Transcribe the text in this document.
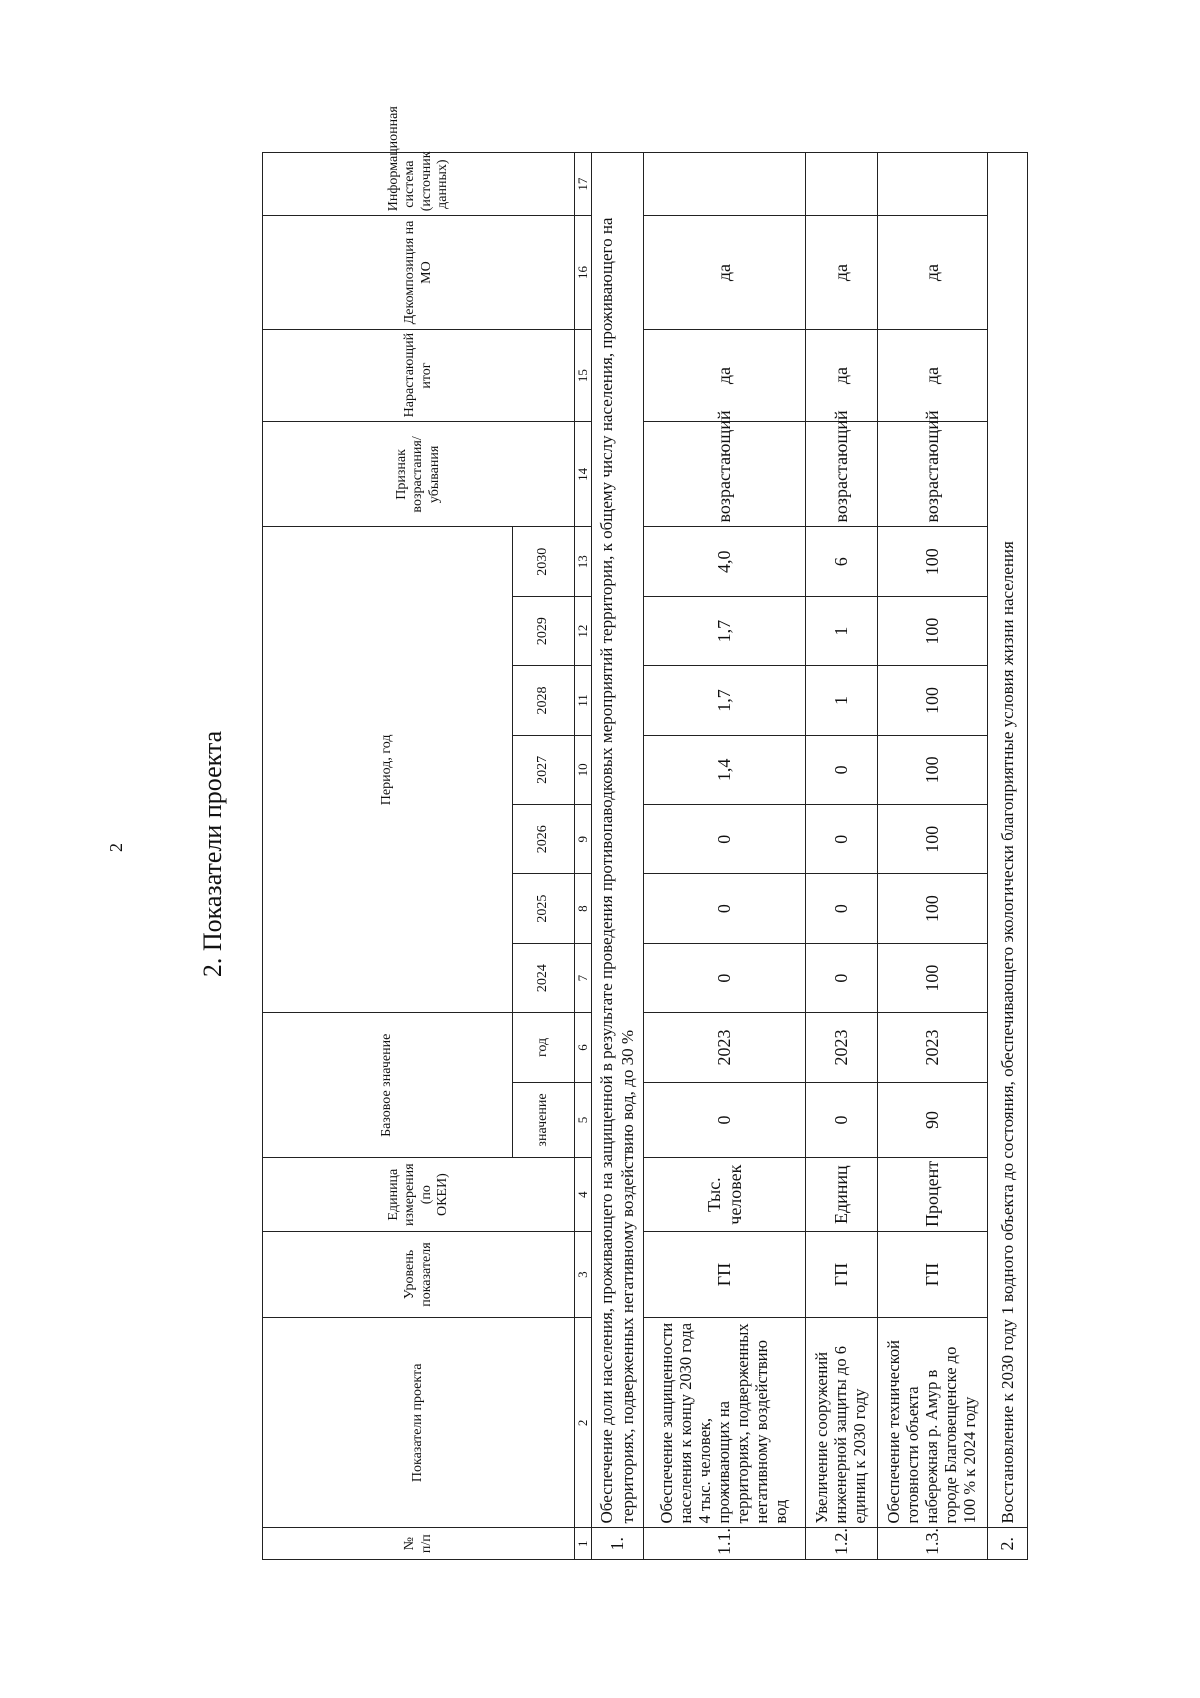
2	2. Показатели проекта
№ п/п	Показатели проекта	Уровень показателя	Единица измерения (по ОКЕИ)	Базовое значение		Период, год							Признак возрастания/ убывания	Нарастающий итог	Декомпозиция на МО	Информационная система (источник данных)
				значение	год	2024	2025	2026	2027	2028	2029	2030				
1	2	3	4	5	6	7	8	9	10	11	12	13	14	15	16	17
1.	Обеспечение доли населения, проживающего на защищенной в результате проведения противопаводковых мероприятий территории, к общему числу населения, проживающего на территориях, подверженных негативному воздействию вод, до 30 %															
1.1.	Обеспечение защищенности населения к концу 2030 года 4 тыс. человек, проживающих на территориях, подверженных негативному воздействию вод	ГП	Тыс. человек	0	2023	0	0	0	1,4	1,7	1,7	4,0	возрастающий	да	да	
1.2.	Увеличение сооружений инженерной защиты до 6 единиц к 2030 году	ГП	Единиц	0	2023	0	0	0	0	1	1	6	возрастающий	да	да	
1.3.	Обеспечение технической готовности объекта набережная р. Амур в городе Благовещенске до 100 % к 2024 году	ГП	Процент	90	2023	100	100	100	100	100	100	100	возрастающий	да	да	
2.	Восстановление к 2030 году 1 водного объекта до состояния, обеспечивающего экологически благоприятные условия жизни населения															
